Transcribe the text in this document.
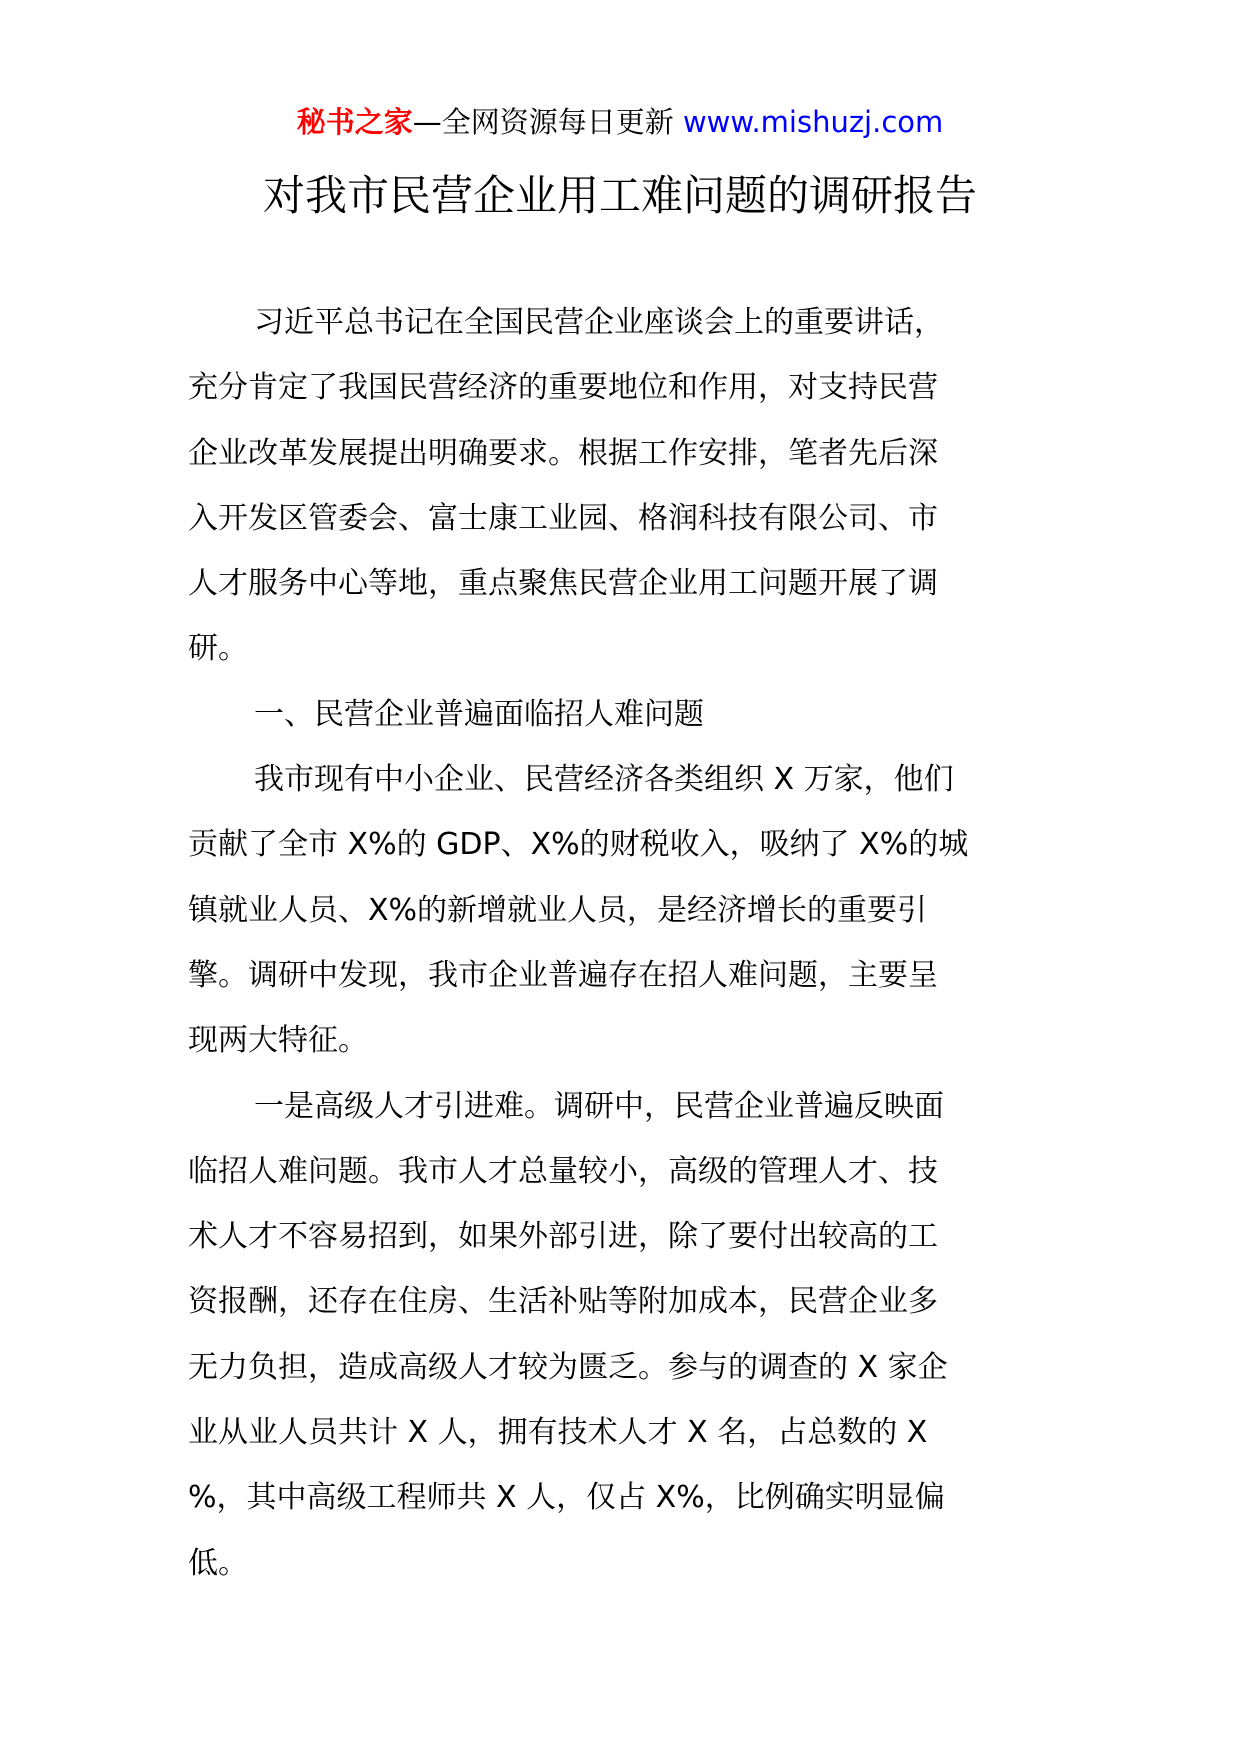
秘书之家—全网资源每日更新 www.mishuzj.com
对我市民营企业用工难问题的调研报告

习近平总书记在全国民营企业座谈会上的重要讲话，
充分肯定了我国民营经济的重要地位和作用，对支持民营
企业改革发展提出明确要求。根据工作安排，笔者先后深
入开发区管委会、富士康工业园、格润科技有限公司、市
人才服务中心等地，重点聚焦民营企业用工问题开展了调
研。

一、民营企业普遍面临招人难问题

我市现有中小企业、民营经济各类组织 X 万家，他们
贡献了全市 X%的 GDP、X%的财税收入，吸纳了 X%的城
镇就业人员、X%的新增就业人员，是经济增长的重要引
擎。调研中发现，我市企业普遍存在招人难问题，主要呈
现两大特征。

一是高级人才引进难。调研中，民营企业普遍反映面
临招人难问题。我市人才总量较小，高级的管理人才、技
术人才不容易招到，如果外部引进，除了要付出较高的工
资报酬，还存在住房、生活补贴等附加成本，民营企业多
无力负担，造成高级人才较为匮乏。参与的调查的 X 家企
业从业人员共计 X 人，拥有技术人才 X 名，占总数的 X
%，其中高级工程师共 X 人，仅占 X%，比例确实明显偏
低。
